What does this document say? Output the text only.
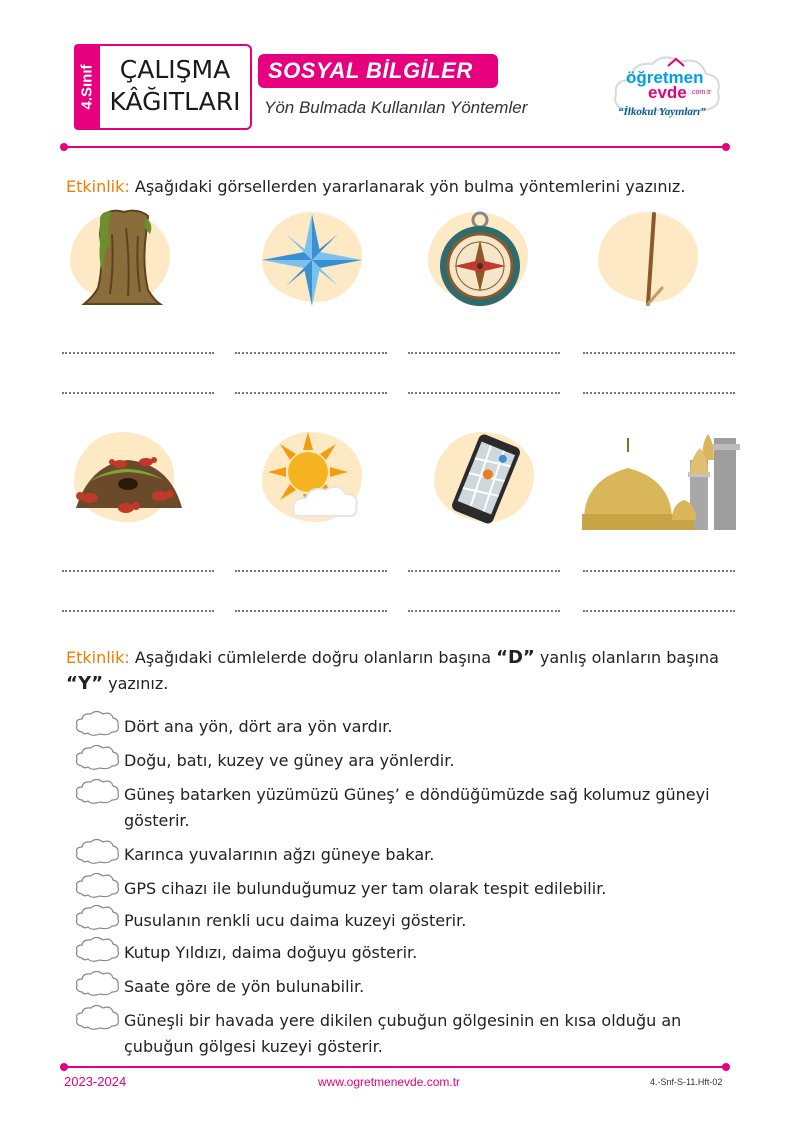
4.Sınıf ÇALIŞMA
KÂĞITLARI
SOSYAL BİLGİLER
Yön Bulmada Kullanılan Yöntemler
öğretmen
evde .com.tr
“İlkokul Yayınları”
Etkinlik: Aşağıdaki görsellerden yararlanarak yön bulma yöntemlerini yazınız.
Etkinlik: Aşağıdaki cümlelerde doğru olanların başına “D” yanlış olanların başına
“Y” yazınız.
Dört ana yön, dört ara yön vardır.
Doğu, batı, kuzey ve güney ara yönlerdir.
Güneş batarken yüzümüzü Güneş’ e döndüğümüzde sağ kolumuz güneyi gösterir.
Karınca yuvalarının ağzı güneye bakar.
GPS cihazı ile bulunduğumuz yer tam olarak tespit edilebilir.
Pusulanın renkli ucu daima kuzeyi gösterir.
Kutup Yıldızı, daima doğuyu gösterir.
Saate göre de yön bulunabilir.
Güneşli bir havada yere dikilen çubuğun gölgesinin en kısa olduğu an çubuğun gölgesi kuzeyi gösterir.
2023-2024	www.ogretmenevde.com.tr	4.-Snf-S-11.Hft-02
